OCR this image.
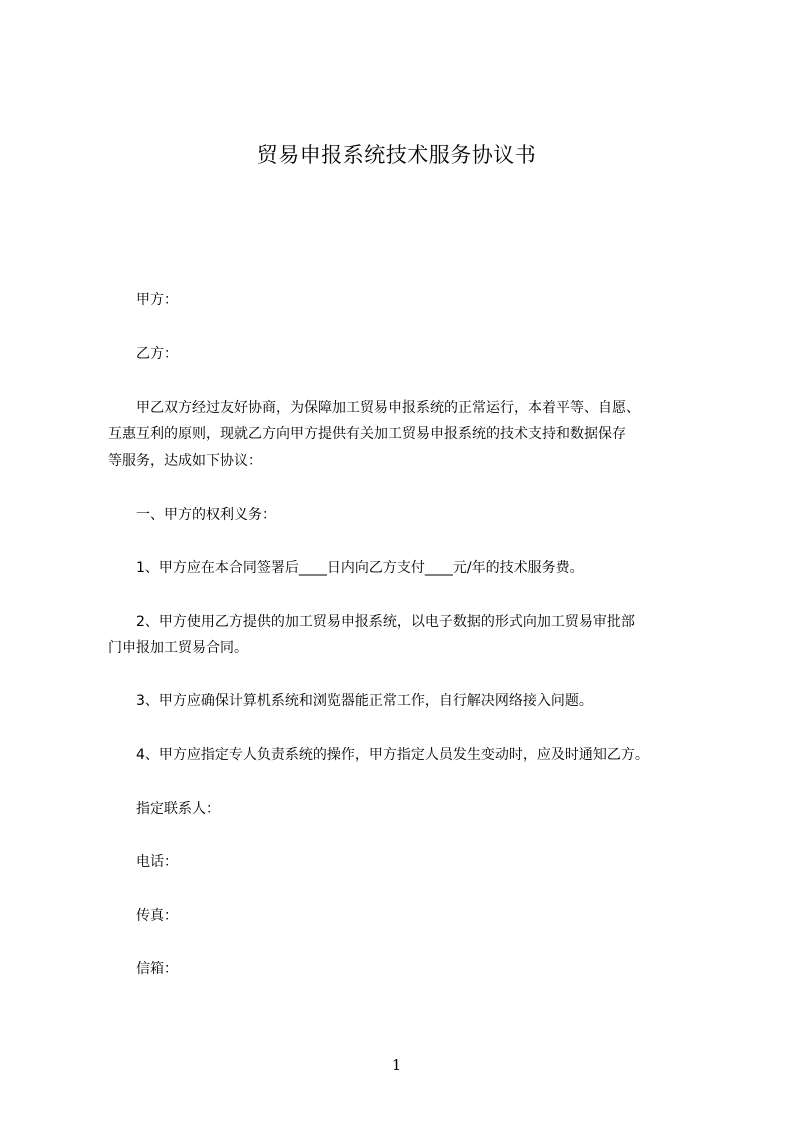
贸易申报系统技术服务协议书
甲方：
乙方：
甲乙双方经过友好协商，为保障加工贸易申报系统的正常运行，本着平等、自愿、
互惠互利的原则，现就乙方向甲方提供有关加工贸易申报系统的技术支持和数据保存
等服务，达成如下协议：
一、甲方的权利义务：
1、甲方应在本合同签署后____日内向乙方支付____元/年的技术服务费。
2、甲方使用乙方提供的加工贸易申报系统，以电子数据的形式向加工贸易审批部
门申报加工贸易合同。
3、甲方应确保计算机系统和浏览器能正常工作，自行解决网络接入问题。
4、甲方应指定专人负责系统的操作，甲方指定人员发生变动时，应及时通知乙方。
指定联系人：
电话：
传真：
信箱：
1
